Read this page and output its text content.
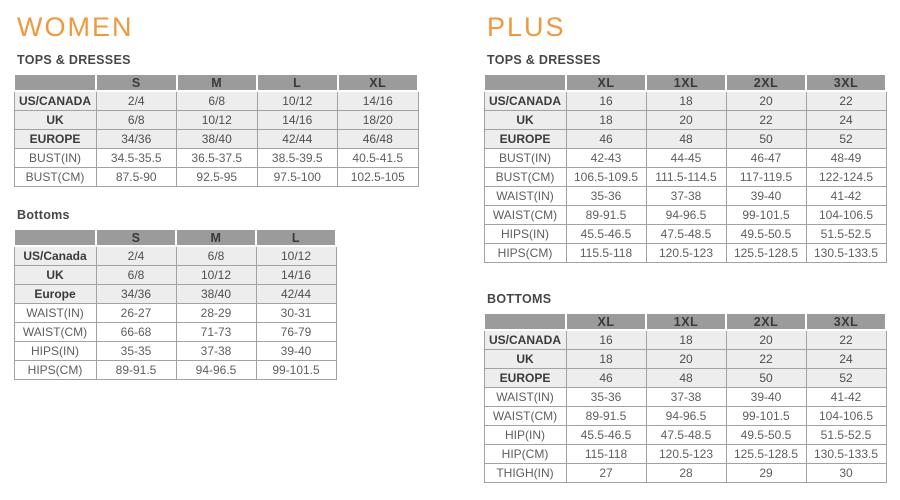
WOMEN
TOPS & DRESSES
	S	M	L	XL
US/CANADA	2/4	6/8	10/12	14/16
UK	6/8	10/12	14/16	18/20
EUROPE	34/36	38/40	42/44	46/48
BUST(IN)	34.5-35.5	36.5-37.5	38.5-39.5	40.5-41.5
BUST(CM)	87.5-90	92.5-95	97.5-100	102.5-105
Bottoms
	S	M	L
US/Canada	2/4	6/8	10/12
UK	6/8	10/12	14/16
Europe	34/36	38/40	42/44
WAIST(IN)	26-27	28-29	30-31
WAIST(CM)	66-68	71-73	76-79
HIPS(IN)	35-35	37-38	39-40
HIPS(CM)	89-91.5	94-96.5	99-101.5
PLUS
TOPS & DRESSES
	XL	1XL	2XL	3XL
US/CANADA	16	18	20	22
UK	18	20	22	24
EUROPE	46	48	50	52
BUST(IN)	42-43	44-45	46-47	48-49
BUST(CM)	106.5-109.5	111.5-114.5	117-119.5	122-124.5
WAIST(IN)	35-36	37-38	39-40	41-42
WAIST(CM)	89-91.5	94-96.5	99-101.5	104-106.5
HIPS(IN)	45.5-46.5	47.5-48.5	49.5-50.5	51.5-52.5
HIPS(CM)	115.5-118	120.5-123	125.5-128.5	130.5-133.5
BOTTOMS
	XL	1XL	2XL	3XL
US/CANADA	16	18	20	22
UK	18	20	22	24
EUROPE	46	48	50	52
WAIST(IN)	35-36	37-38	39-40	41-42
WAIST(CM)	89-91.5	94-96.5	99-101.5	104-106.5
HIP(IN)	45.5-46.5	47.5-48.5	49.5-50.5	51.5-52.5
HIP(CM)	115-118	120.5-123	125.5-128.5	130.5-133.5
THIGH(IN)	27	28	29	30
